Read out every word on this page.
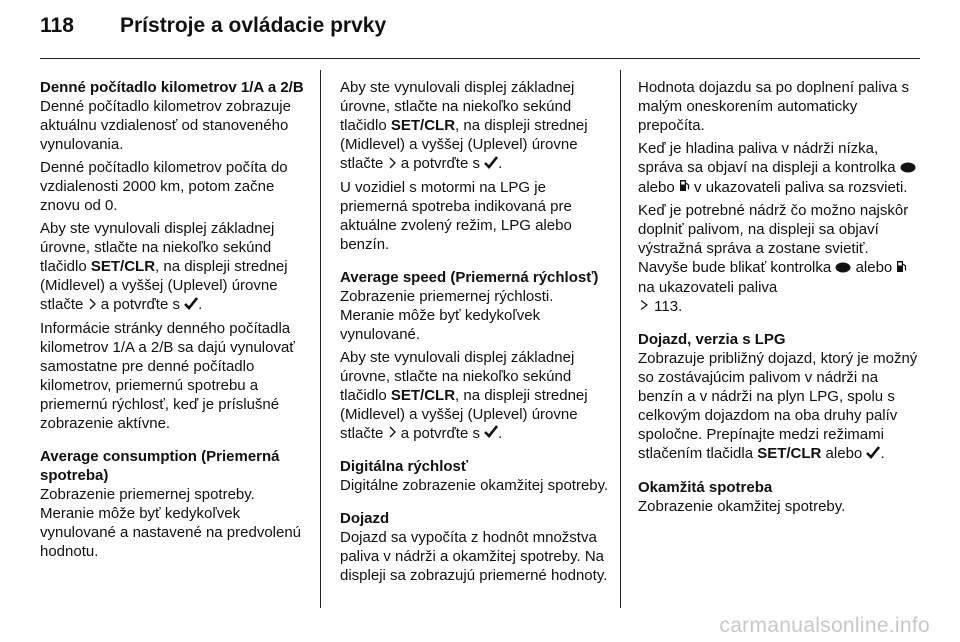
118	Prístroje a ovládacie prvky

Denné počítadlo kilometrov 1/A a 2/B

Denné počítadlo kilometrov zobrazuje aktuálnu vzdialenosť od stanoveného vynulovania.

Denné počítadlo kilometrov počíta do vzdialenosti 2000 km, potom začne znovu od 0.

Aby ste vynulovali displej základnej úrovne, stlačte na niekoľko sekúnd tlačidlo SET/CLR, na displeji strednej (Midlevel) a vyššej (Uplevel) úrovne stlačte  a potvrďte s .

Informácie stránky denného počítadla kilometrov 1/A a 2/B sa dajú vynulovať samostatne pre denné počítadlo kilometrov, priemernú spotrebu a priemernú rýchlosť, keď je príslušné zobrazenie aktívne.

Average consumption (Priemerná spotreba)

Zobrazenie priemernej spotreby. Meranie môže byť kedykoľvek vynulované a nastavené na predvolenú hodnotu.

Aby ste vynulovali displej základnej úrovne, stlačte na niekoľko sekúnd tlačidlo SET/CLR, na displeji strednej (Midlevel) a vyššej (Uplevel) úrovne stlačte  a potvrďte s .

U vozidiel s motormi na LPG je priemerná spotreba indikovaná pre aktuálne zvolený režim, LPG alebo benzín.

Average speed (Priemerná rýchlosť)

Zobrazenie priemernej rýchlosti. Meranie môže byť kedykoľvek vynulované.

Aby ste vynulovali displej základnej úrovne, stlačte na niekoľko sekúnd tlačidlo SET/CLR, na displeji strednej (Midlevel) a vyššej (Uplevel) úrovne stlačte  a potvrďte s .

Digitálna rýchlosť

Digitálne zobrazenie okamžitej spotreby.

Dojazd

Dojazd sa vypočíta z hodnôt množstva paliva v nádrži a okamžitej spotreby. Na displeji sa zobrazujú priemerné hodnoty.

Hodnota dojazdu sa po doplnení paliva s malým oneskorením automaticky prepočíta.

Keď je hladina paliva v nádrži nízka, správa sa objaví na displeji a kontrolka  alebo  v ukazovateli paliva sa rozsvieti.

Keď je potrebné nádrž čo možno najskôr doplniť palivom, na displeji sa objaví výstražná správa a zostane svietiť. Navyše bude blikať kontrolka  alebo  na ukazovateli paliva
113.

Dojazd, verzia s LPG

Zobrazuje približný dojazd, ktorý je možný so zostávajúcim palivom v nádrži na benzín a v nádrži na plyn LPG, spolu s celkovým dojazdom na oba druhy palív spoločne. Prepínajte medzi režimami stlačením tlačidla SET/CLR alebo .

Okamžitá spotreba

Zobrazenie okamžitej spotreby.

carmanualsonline.info
